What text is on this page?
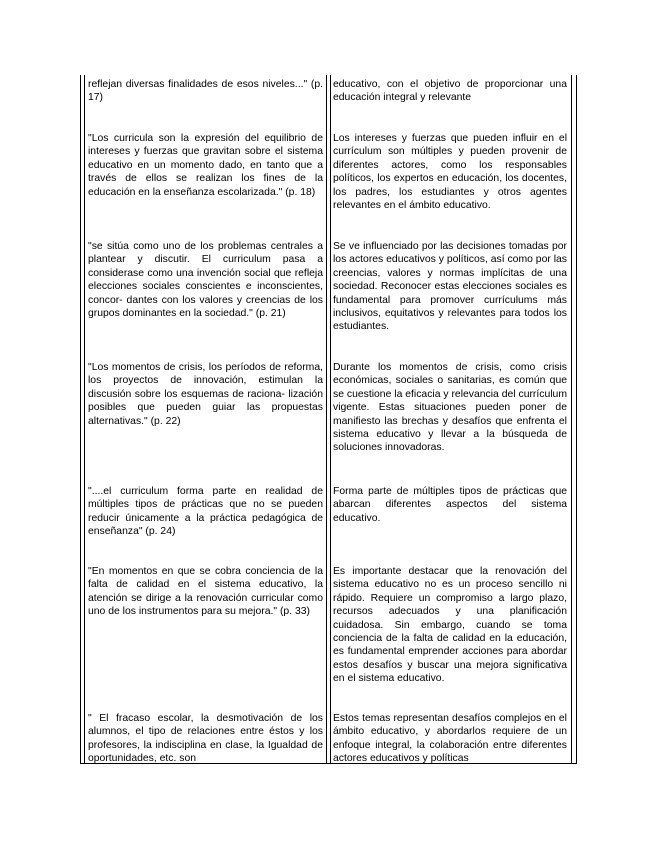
reflejan diversas finalidades de esos niveles..." (p. 17)

educativo, con el objetivo de proporcionar una educación integral y relevante

"Los curricula son la expresión del equilibrio de intereses y fuerzas que gravitan sobre el sistema educativo en un momento dado, en tanto que a través de ellos se realizan los fines de la educación en la enseñanza escolarizada." (p. 18)

Los intereses y fuerzas que pueden influir en el currículum son múltiples y pueden provenir de diferentes actores, como los responsables políticos, los expertos en educación, los docentes, los padres, los estudiantes y otros agentes relevantes en el ámbito educativo.

"se sitúa como uno de los problemas centrales a plantear y discutir. El curriculum pasa a considerase como una invención social que refleja elecciones sociales conscientes e inconscientes, concor- dantes con los valores y creencias de los grupos dominantes en la sociedad." (p. 21)

Se ve influenciado por las decisiones tomadas por los actores educativos y políticos, así como por las creencias, valores y normas implícitas de una sociedad. Reconocer estas elecciones sociales es fundamental para promover currículums más inclusivos, equitativos y relevantes para todos los estudiantes.

"Los momentos de crisis, los períodos de reforma, los proyectos de innovación, estimulan la discusión sobre los esquemas de raciona- lización posibles que pueden guiar las propuestas alternativas." (p. 22)

Durante los momentos de crisis, como crisis económicas, sociales o sanitarias, es común que se cuestione la eficacia y relevancia del currículum vigente. Estas situaciones pueden poner de manifiesto las brechas y desafíos que enfrenta el sistema educativo y llevar a la búsqueda de soluciones innovadoras.

"....el curriculum forma parte en realidad de múltiples tipos de prácticas que no se pueden reducir únicamente a la práctica pedagógica de enseñanza" (p. 24)

Forma parte de múltiples tipos de prácticas que abarcan diferentes aspectos del sistema educativo.

"En momentos en que se cobra conciencia de la falta de calidad en el sistema educativo, la atención se dirige a la renovación curricular como uno de los instrumentos para su mejora." (p. 33)

Es importante destacar que la renovación del sistema educativo no es un proceso sencillo ni rápido. Requiere un compromiso a largo plazo, recursos adecuados y una planificación cuidadosa. Sin embargo, cuando se toma conciencia de la falta de calidad en la educación, es fundamental emprender acciones para abordar estos desafíos y buscar una mejora significativa en el sistema educativo.

" El fracaso escolar, la desmotivación de los alumnos, el tipo de relaciones entre éstos y los profesores, la indisciplina en clase, la Igualdad de oportunidades, etc. son

Estos temas representan desafíos complejos en el ámbito educativo, y abordarlos requiere de un enfoque integral, la colaboración entre diferentes actores educativos y políticas
